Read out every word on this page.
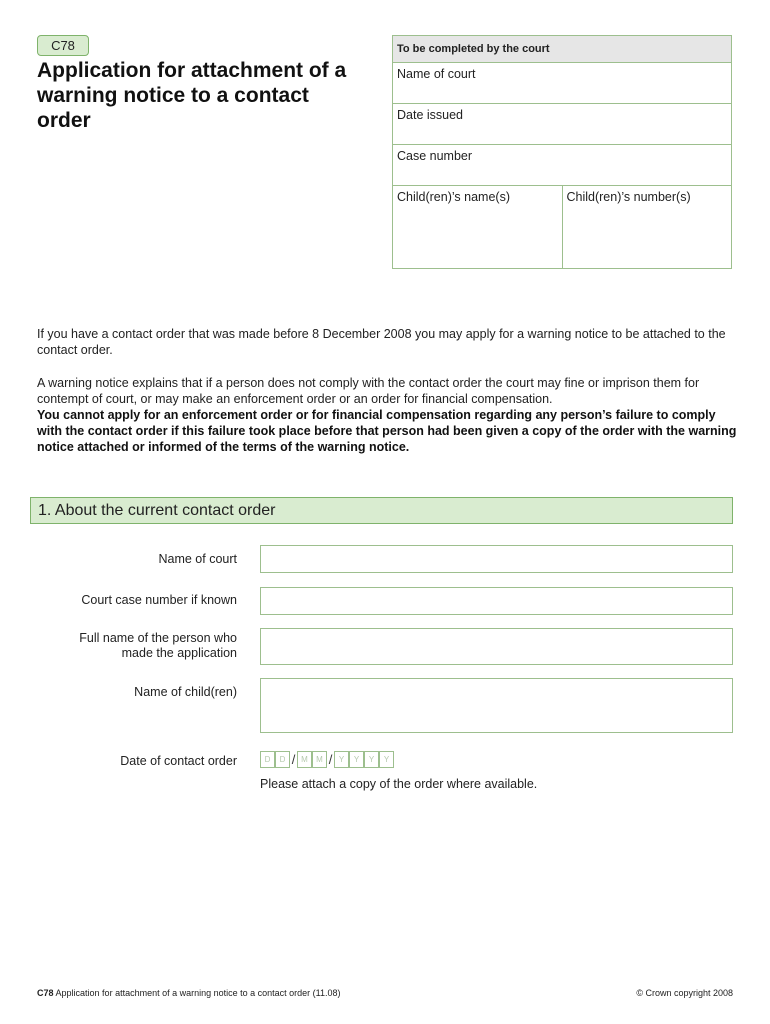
C78
Application for attachment of a warning notice to a contact order
To be completed by the court
Name of court
Date issued
Case number
Child(ren)’s name(s)	Child(ren)’s number(s)
If you have a contact order that was made before 8 December 2008 you may apply for a warning notice to be attached to the contact order.
A warning notice explains that if a person does not comply with the contact order the court may fine or imprison them for contempt of court, or may make an enforcement order or an order for financial compensation.
You cannot apply for an enforcement order or for financial compensation regarding any person’s failure to comply with the contact order if this failure took place before that person had been given a copy of the order with the warning notice attached or informed of the terms of the warning notice.
1. About the current contact order
Name of court
Court case number if known
Full name of the person who made the application
Name of child(ren)
Date of contact order	D	D / M	M / Y	Y	Y	Y
Please attach a copy of the order where available.
C78 Application for attachment of a warning notice to a contact order (11.08)	© Crown copyright 2008
